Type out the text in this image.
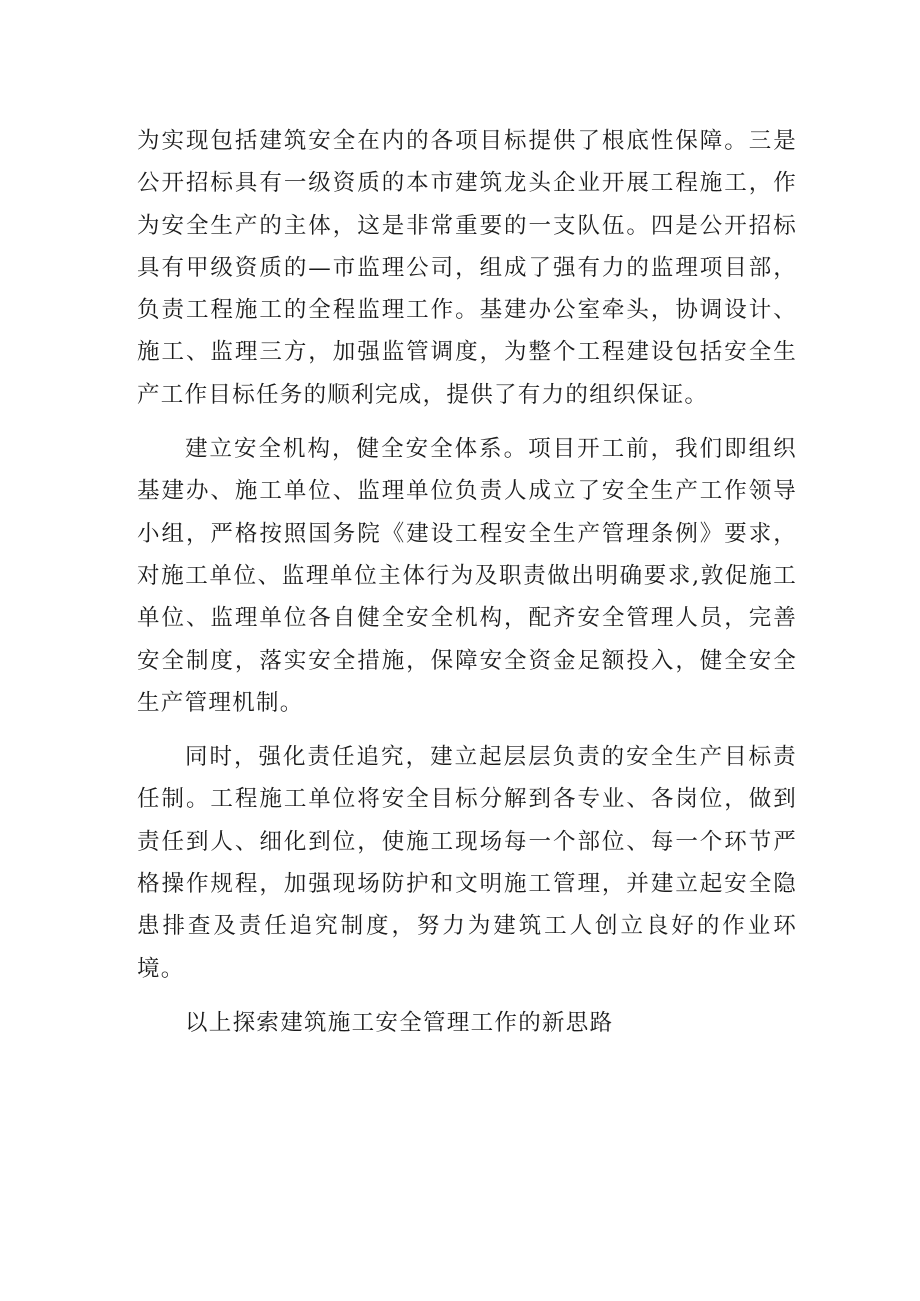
为实现包括建筑安全在内的各项目标提供了根底性保障。三是公开招标具有一级资质的本市建筑龙头企业开展工程施工，作为安全生产的主体，这是非常重要的一支队伍。四是公开招标具有甲级资质的—市监理公司，组成了强有力的监理项目部，负责工程施工的全程监理工作。基建办公室牵头，协调设计、施工、监理三方，加强监管调度，为整个工程建设包括安全生产工作目标任务的顺利完成，提供了有力的组织保证。

建立安全机构，健全安全体系。项目开工前，我们即组织基建办、施工单位、监理单位负责人成立了安全生产工作领导小组，严格按照国务院《建设工程安全生产管理条例》要求，对施工单位、监理单位主体行为及职责做出明确要求,敦促施工单位、监理单位各自健全安全机构，配齐安全管理人员，完善安全制度，落实安全措施，保障安全资金足额投入，健全安全生产管理机制。

同时，强化责任追究，建立起层层负责的安全生产目标责任制。工程施工单位将安全目标分解到各专业、各岗位，做到责任到人、细化到位，使施工现场每一个部位、每一个环节严格操作规程，加强现场防护和文明施工管理，并建立起安全隐患排查及责任追究制度，努力为建筑工人创立良好的作业环境。

以上探索建筑施工安全管理工作的新思路
